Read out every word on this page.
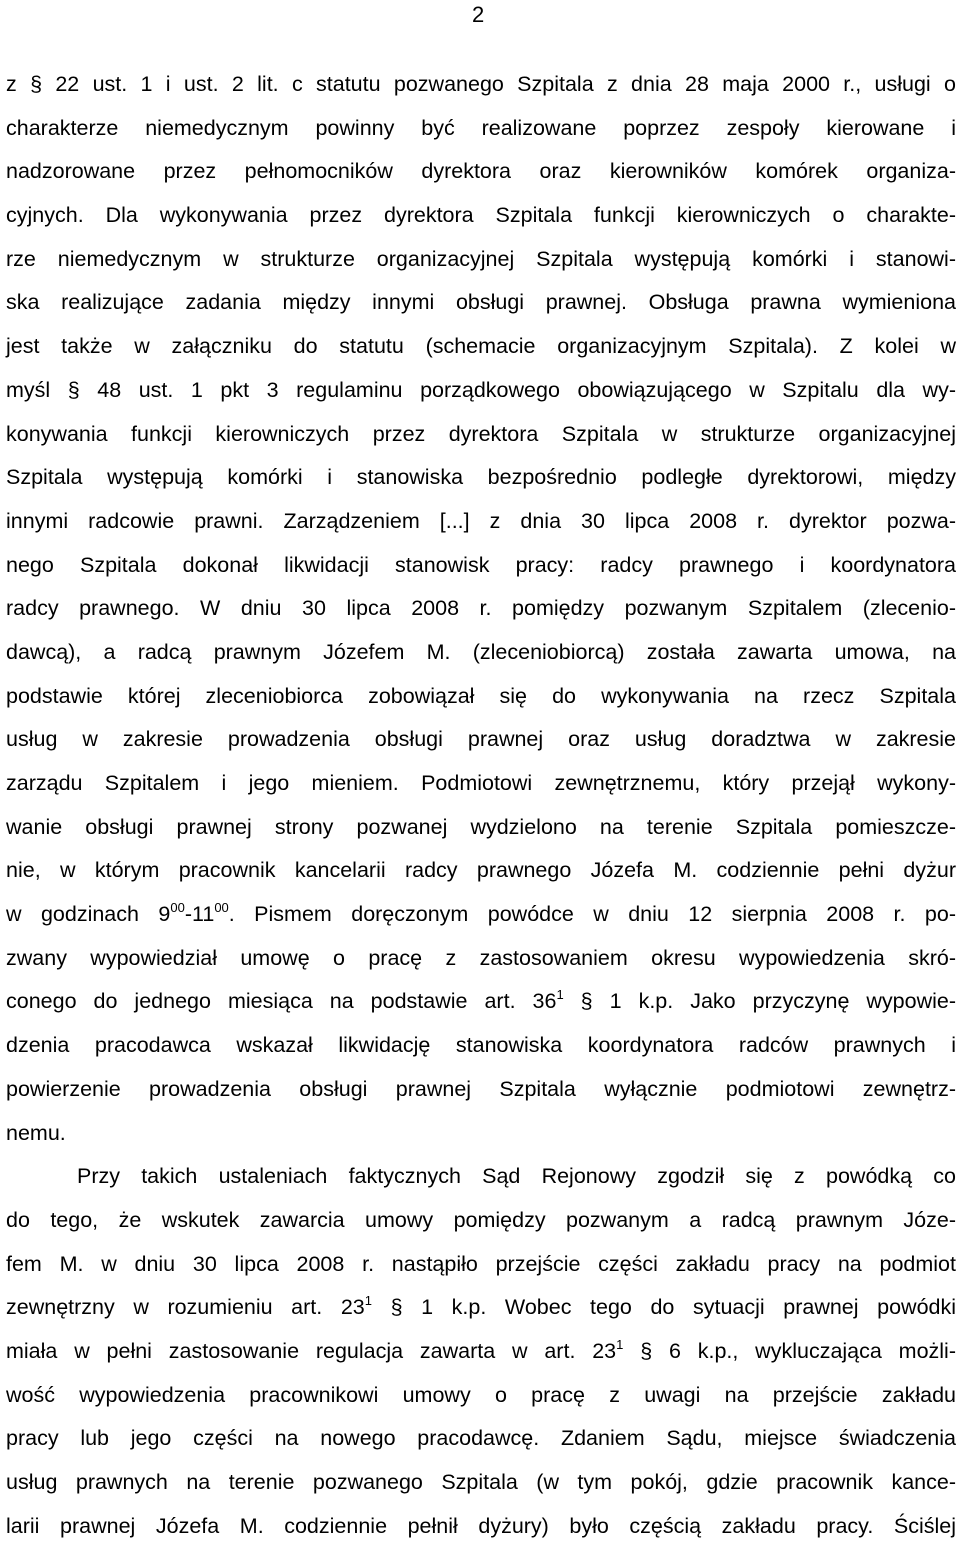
2
z § 22 ust. 1 i ust. 2 lit. c statutu pozwanego Szpitala z dnia 28 maja 2000 r., usługi o
charakterze niemedycznym powinny być realizowane poprzez zespoły kierowane i
nadzorowane przez pełnomocników dyrektora oraz kierowników komórek organiza-
cyjnych. Dla wykonywania przez dyrektora Szpitala funkcji kierowniczych o charakte-
rze niemedycznym w strukturze organizacyjnej Szpitala występują komórki i stanowi-
ska realizujące zadania między innymi obsługi prawnej. Obsługa prawna wymieniona
jest także w załączniku do statutu (schemacie organizacyjnym Szpitala). Z kolei w
myśl § 48 ust. 1 pkt 3 regulaminu porządkowego obowiązującego w Szpitalu dla wy-
konywania funkcji kierowniczych przez dyrektora Szpitala w strukturze organizacyjnej
Szpitala występują komórki i stanowiska bezpośrednio podległe dyrektorowi, między
innymi radcowie prawni. Zarządzeniem [...] z dnia 30 lipca 2008 r. dyrektor pozwa-
nego Szpitala dokonał likwidacji stanowisk pracy: radcy prawnego i koordynatora
radcy prawnego. W dniu 30 lipca 2008 r. pomiędzy pozwanym Szpitalem (zlecenio-
dawcą), a radcą prawnym Józefem M. (zleceniobiorcą) została zawarta umowa, na
podstawie której zleceniobiorca zobowiązał się do wykonywania na rzecz Szpitala
usług w zakresie prowadzenia obsługi prawnej oraz usług doradztwa w zakresie
zarządu Szpitalem i jego mieniem. Podmiotowi zewnętrznemu, który przejął wykony-
wanie obsługi prawnej strony pozwanej wydzielono na terenie Szpitala pomieszcze-
nie, w którym pracownik kancelarii radcy prawnego Józefa M. codziennie pełni dyżur
w godzinach $9^{00}-11^{00}$. Pismem doręczonym powódce w dniu 12 sierpnia 2008 r. po-
zwany wypowiedział umowę o pracę z zastosowaniem okresu wypowiedzenia skró-
conego do jednego miesiąca na podstawie art. $36^1$ § 1 k.p. Jako przyczynę wypowie-
dzenia pracodawca wskazał likwidację stanowiska koordynatora radców prawnych i
powierzenie prowadzenia obsługi prawnej Szpitala wyłącznie podmiotowi zewnętrz-
nemu.
Przy takich ustaleniach faktycznych Sąd Rejonowy zgodził się z powódką co
do tego, że wskutek zawarcia umowy pomiędzy pozwanym a radcą prawnym Józe-
fem M. w dniu 30 lipca 2008 r. nastąpiło przejście części zakładu pracy na podmiot
zewnętrzny w rozumieniu art. $23^1$ § 1 k.p. Wobec tego do sytuacji prawnej powódki
miała w pełni zastosowanie regulacja zawarta w art. $23^1$ § 6 k.p., wykluczająca możli-
wość wypowiedzenia pracownikowi umowy o pracę z uwagi na przejście zakładu
pracy lub jego części na nowego pracodawcę. Zdaniem Sądu, miejsce świadczenia
usług prawnych na terenie pozwanego Szpitala (w tym pokój, gdzie pracownik kance-
larii prawnej Józefa M. codziennie pełnił dyżury) było częścią zakładu pracy. Ściślej
